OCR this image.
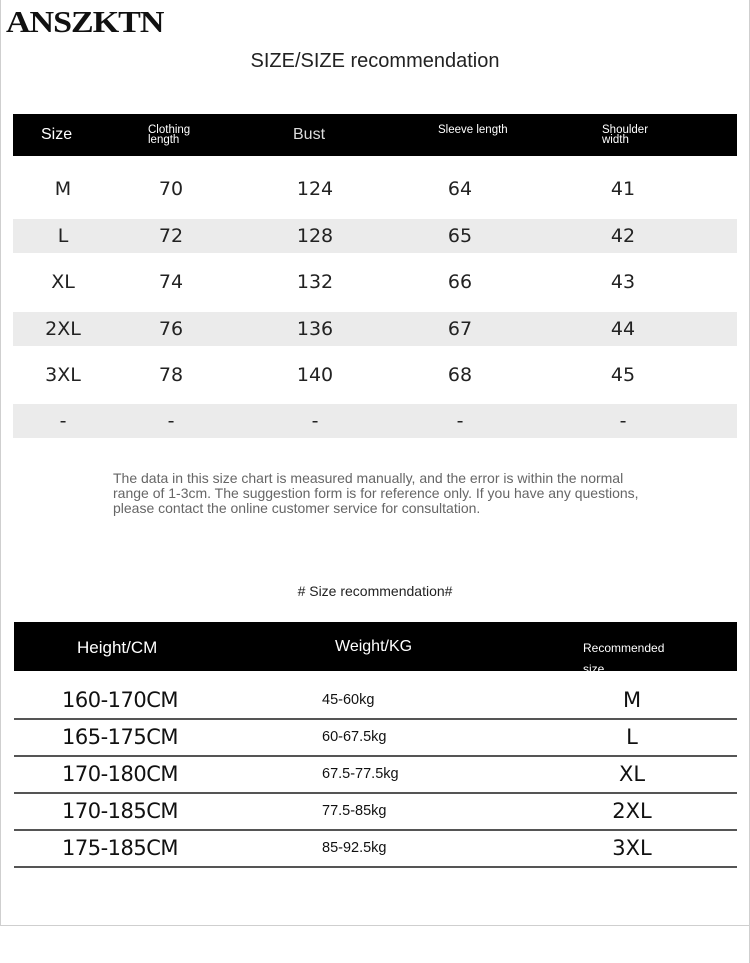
ANSZKTN
SIZE/SIZE recommendation
Size	Clothing length	Bust	Sleeve length	Shoulder width
M	70	124	64	41
L	72	128	65	42
XL	74	132	66	43
2XL	76	136	67	44
3XL	78	140	68	45
-	-	-	-	-
The data in this size chart is measured manually, and the error is within the normal range of 1-3cm. The suggestion form is for reference only. If you have any questions, please contact the online customer service for consultation.
# Size recommendation#
Height/CM	Weight/KG	Recommended size
160-170CM	45-60kg	M
165-175CM	60-67.5kg	L
170-180CM	67.5-77.5kg	XL
170-185CM	77.5-85kg	2XL
175-185CM	85-92.5kg	3XL
